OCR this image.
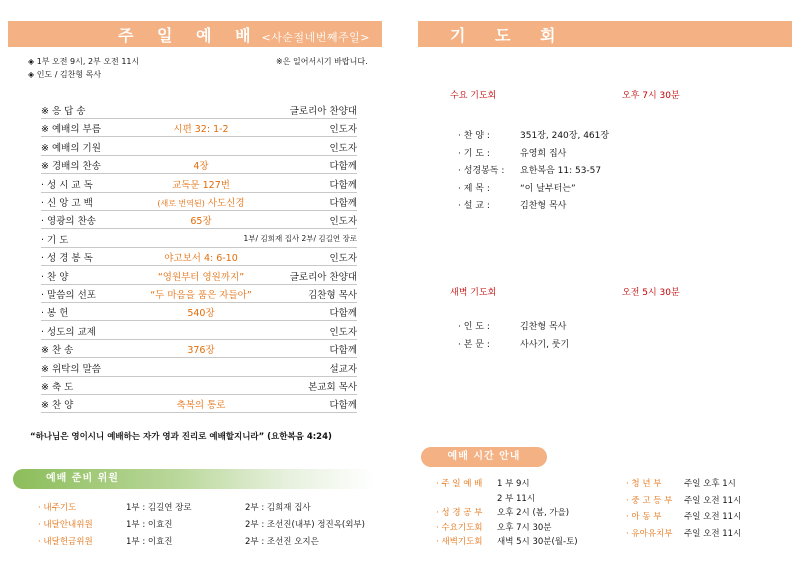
주 일 예 배 <사순절네번째주일>
◈ 1부 오전 9시, 2부 오전 11시	※은 일어서시기 바랍니다.
◈ 인도 / 김찬형 목사
※ 응 답 송	글로리아 찬양대
※ 예배의 부름	시편 32: 1-2	인도자
※ 예배의 기원	인도자
※ 경배의 찬송	4장	다함께
· 성 시 교 독	교독문 127번	다함께
· 신 앙 고 백	(새로 번역된) 사도신경	다함께
· 영광의 찬송	65장	인도자
· 기 도	1부/ 김희재 집사 2부/ 김길연 장로
· 성 경 봉 독	야고보서 4: 6-10	인도자
· 찬 양	“영원부터 영원까지”	글로리아 찬양대
· 말씀의 선포	“두 마음을 품은 자들아”	김찬형 목사
· 봉 헌	540장	다함께
· 성도의 교제	인도자
※ 찬 송	376장	다함께
※ 위탁의 말씀	설교자
※ 축 도	본교회 목사
※ 찬 양	축복의 통로	다함께
“하나님은 영이시니 예배하는 자가 영과 진리로 예배할지니라” (요한복음 4:24)
예배 준비 위원
· 내주기도	1부 : 김길연 장로	2부 : 김희재 집사
· 내달안내위원	1부 : 이효진	2부 : 조선진(내부) 정진옥(외부)
· 내달헌금위원	1부 : 이효진	2부 : 조선진 오지은
기 도 회
수요 기도회	오후 7시 30분
· 찬 양 :	351장, 240장, 461장
· 기 도 :	유영희 집사
· 성경봉독 : 요한복음 11: 53-57
· 제 목 :	“이 날부터는”
· 설 교 :	김찬형 목사
새벽 기도회	오전 5시 30분
· 인 도 :	김찬형 목사
· 본 문 :	사사기, 룻기
예배 시간 안내
· 주 일 예 배 1 부 9시
2 부 11시
· 성 경 공 부 오후 2시 (봄, 가을)
· 수요기도회 오후 7시 30분
· 새벽기도회 새벽 5시 30분(월-토)
· 청 년 부	주일 오후 1시
· 중 고 등 부 주일 오전 11시
· 아 동 부	주일 오전 11시
· 유아유치부 주일 오전 11시
